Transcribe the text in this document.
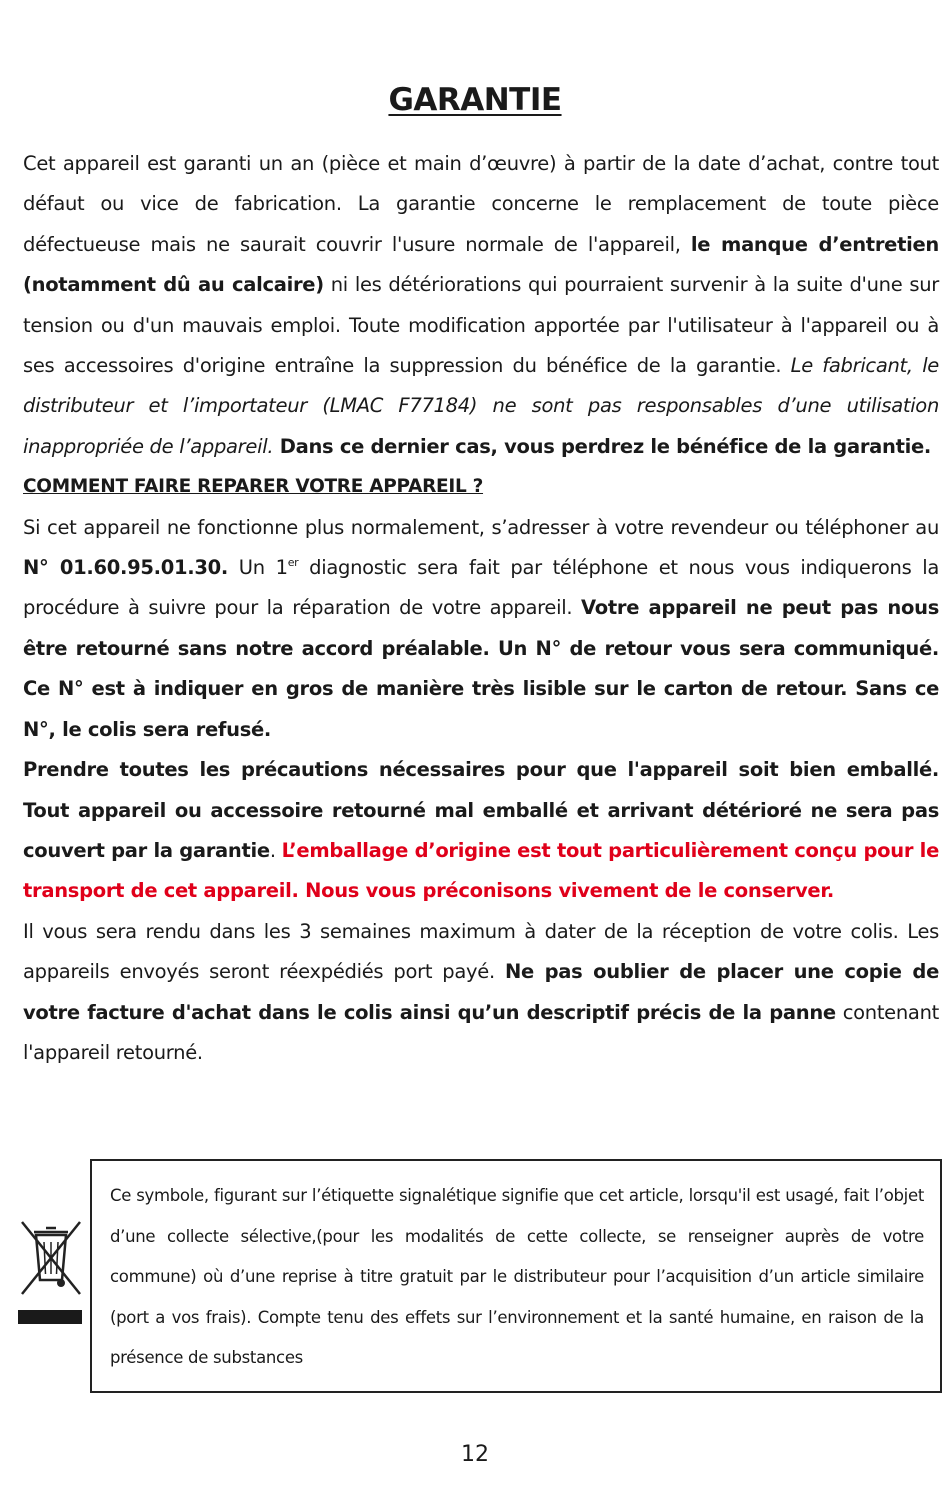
GARANTIE

Cet appareil est garanti un an (pièce et main d’œuvre) à partir de la date d’achat, contre tout défaut ou vice de fabrication. La garantie concerne le remplacement de toute pièce défectueuse mais ne saurait couvrir l'usure normale de l'appareil, le manque d’entretien (notamment dû au calcaire) ni les détériorations qui pourraient survenir à la suite d'une sur tension ou d'un mauvais emploi. Toute modification apportée par l'utilisateur à l'appareil ou à ses accessoires d'origine entraîne la suppression du bénéfice de la garantie. Le fabricant, le distributeur et l’importateur (LMAC F77184) ne sont pas responsables d’une utilisation inappropriée de l’appareil. Dans ce dernier cas, vous perdrez le bénéfice de la garantie.

COMMENT FAIRE REPARER VOTRE APPAREIL ?

Si cet appareil ne fonctionne plus normalement, s’adresser à votre revendeur ou téléphoner au N° 01.60.95.01.30. Un 1er diagnostic sera fait par téléphone et nous vous indiquerons la procédure à suivre pour la réparation de votre appareil. Votre appareil ne peut pas nous être retourné sans notre accord préalable. Un N° de retour vous sera communiqué. Ce N° est à indiquer en gros de manière très lisible sur le carton de retour. Sans ce N°, le colis sera refusé.

Prendre toutes les précautions nécessaires pour que l'appareil soit bien emballé. Tout appareil ou accessoire retourné mal emballé et arrivant détérioré ne sera pas couvert par la garantie. L’emballage d’origine est tout particulièrement conçu pour le transport de cet appareil. Nous vous préconisons vivement de le conserver.

Il vous sera rendu dans les 3 semaines maximum à dater de la réception de votre colis. Les appareils envoyés seront réexpédiés port payé. Ne pas oublier de placer une copie de votre facture d'achat dans le colis ainsi qu’un descriptif précis de la panne contenant l'appareil retourné.

Ce symbole, figurant sur l’étiquette signalétique signifie que cet article, lorsqu'il est usagé, fait l’objet d’une collecte sélective,(pour les modalités de cette collecte, se renseigner auprès de votre commune) où d’une reprise à titre gratuit par le distributeur pour l’acquisition d’un article similaire (port a vos frais). Compte tenu des effets sur l’environnement et la santé humaine, en raison de la présence de substances
12
